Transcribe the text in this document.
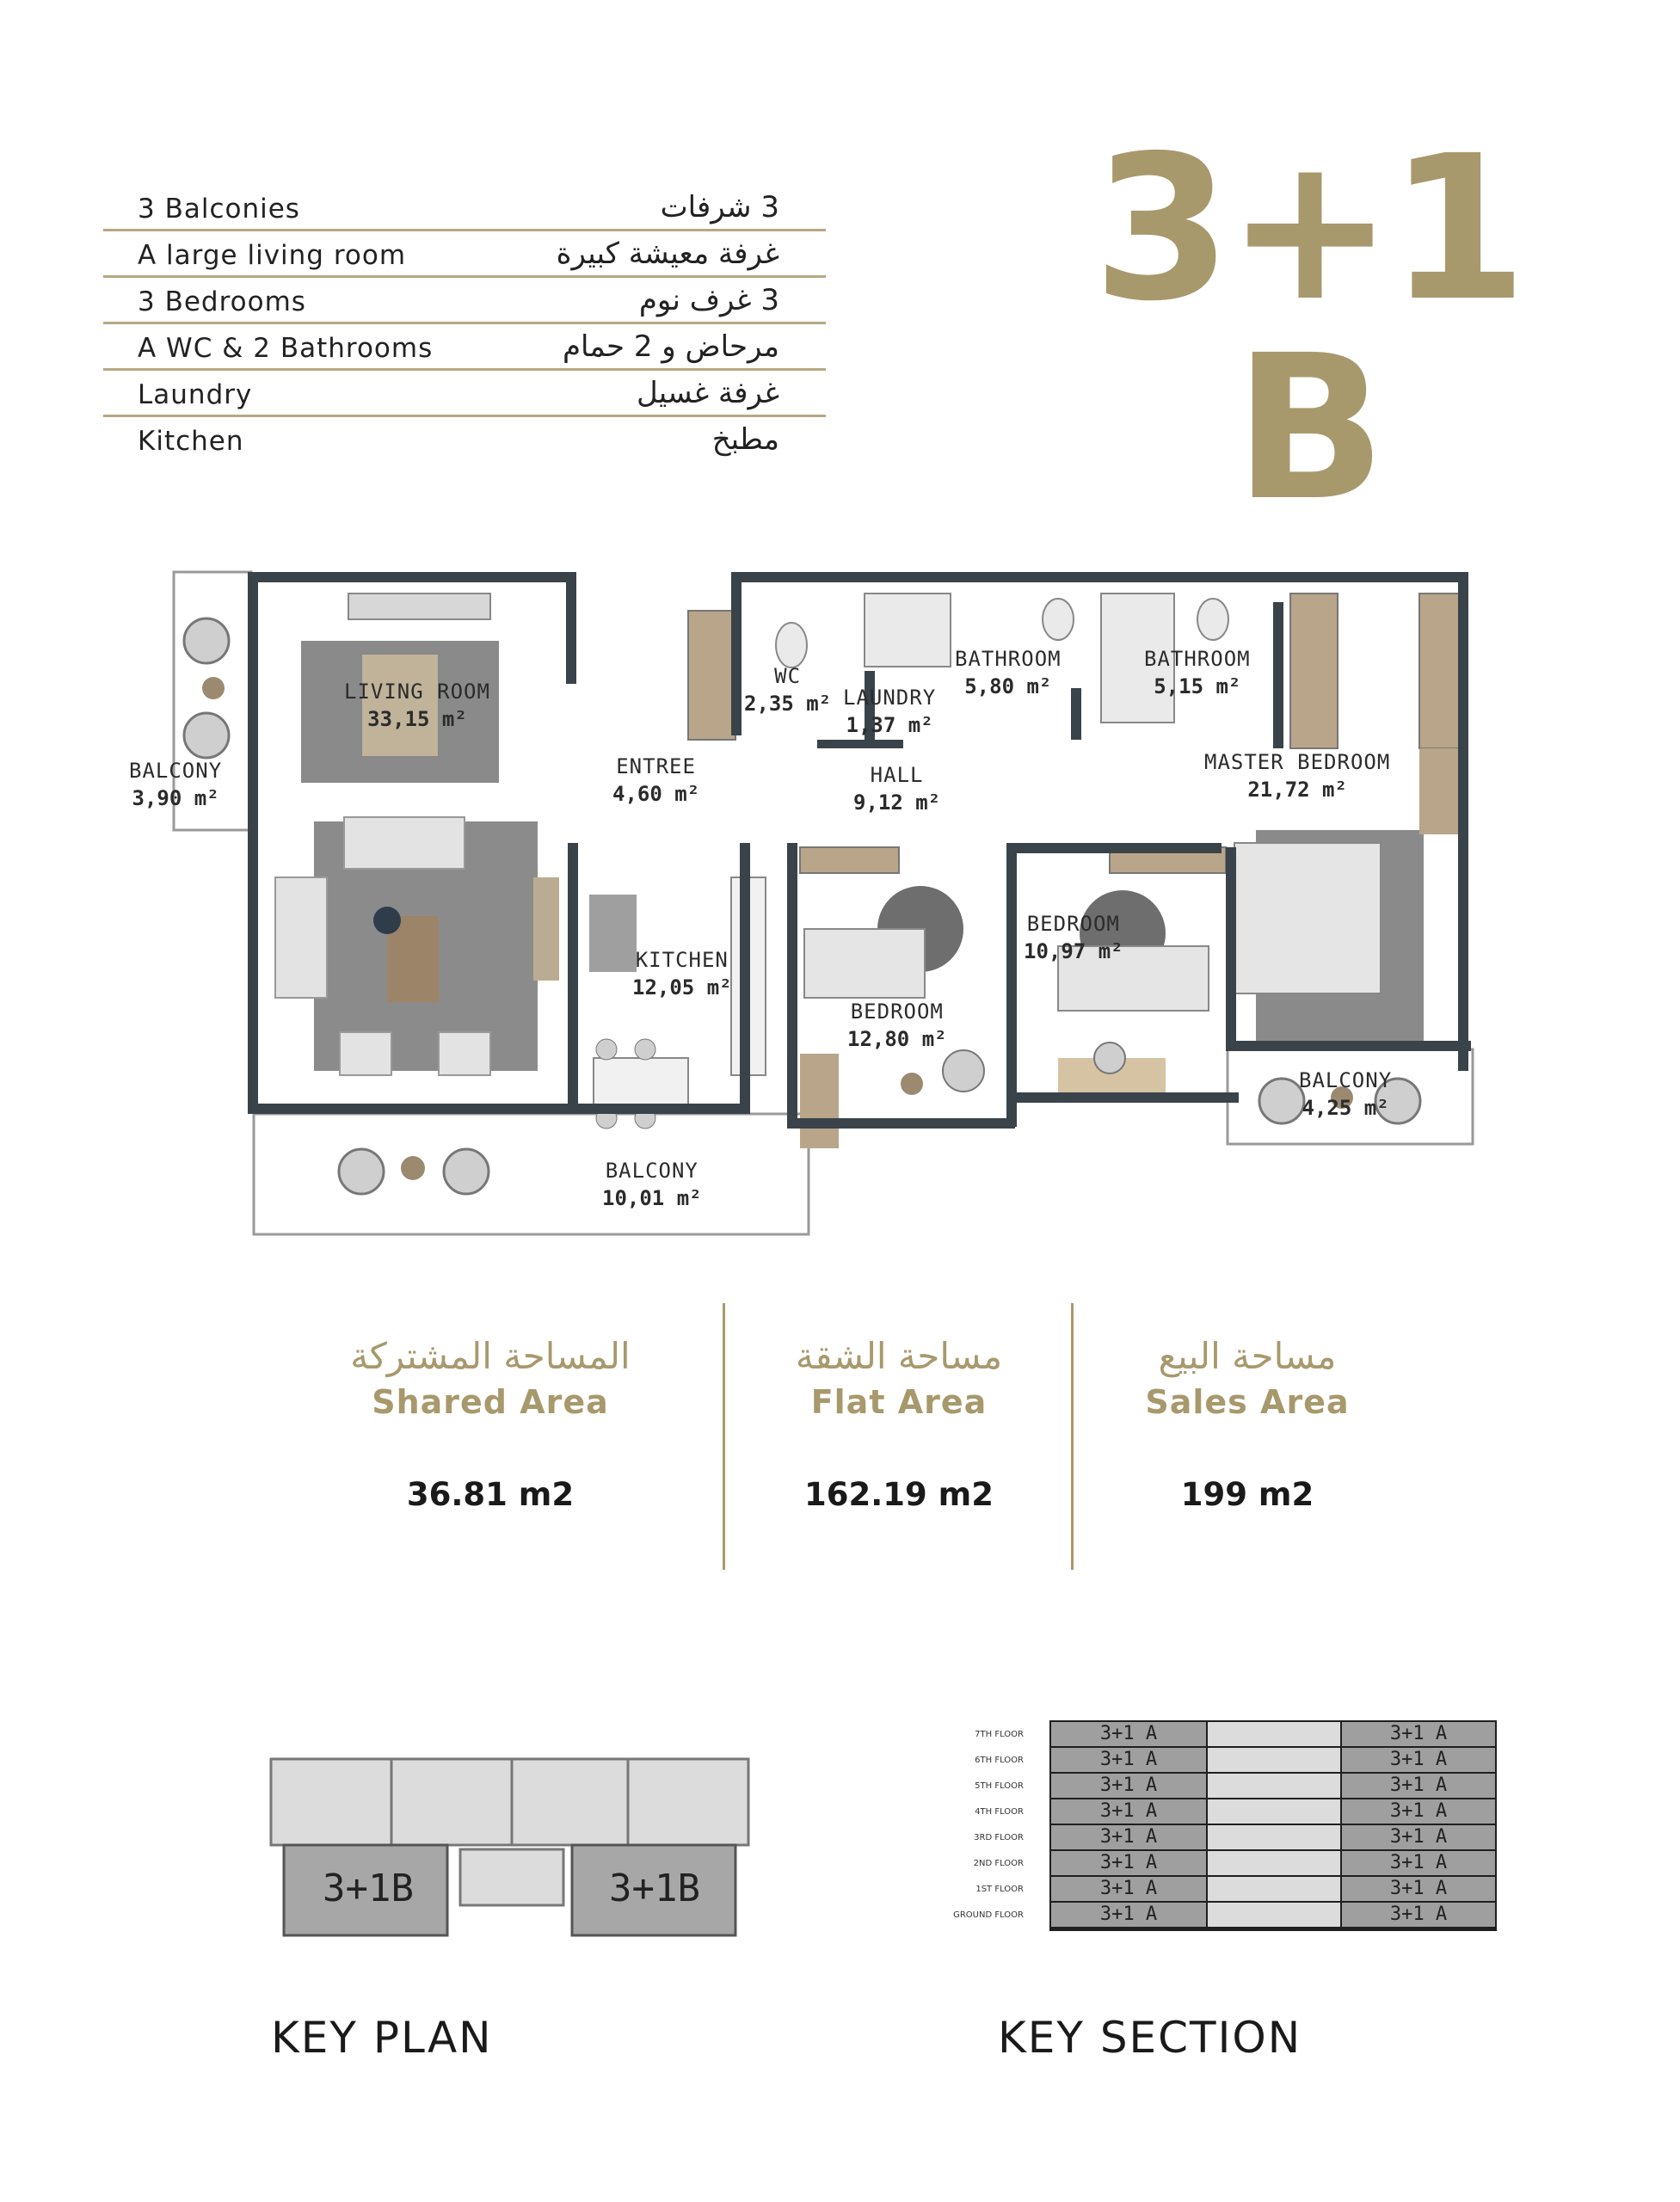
3+1 B
3 Balconies	3 شرفات
A large living room	غرفة معيشة كبيرة
3 Bedrooms	3 غرف نوم
A WC & 2 Bathrooms	مرحاض و 2 حمام
Laundry	غرفة غسيل
Kitchen	مطبخ
LIVING ROOM
33,15 m²
BALCONY
3,90 m²
ENTREE
4,60 m²
WC
2,35 m² LAUNDRY
1,37 m²
HALL
9,12 m²
BATHROOM
5,80 m²
BATHROOM
5,15 m²
MASTER BEDROOM
21,72 m²
KITCHEN
12,05 m²
BEDROOM
12,80 m²
BEDROOM
10,97 m²
BALCONY
4,25 m²
BALCONY
10,01 m²
المساحة المشتركة
Shared Area
36.81 m2
مساحة الشقة
Flat Area
162.19 m2
مساحة البيع
Sales Area
199 m2
3+1B	3+1B
KEY PLAN
7TH FLOOR	3+1 A	3+1 A
6TH FLOOR	3+1 A	3+1 A
5TH FLOOR	3+1 A	3+1 A
4TH FLOOR	3+1 A	3+1 A
3RD FLOOR	3+1 A	3+1 A
2ND FLOOR	3+1 A	3+1 A
1ST FLOOR	3+1 A	3+1 A
GROUND FLOOR	3+1 A	3+1 A
KEY SECTION
